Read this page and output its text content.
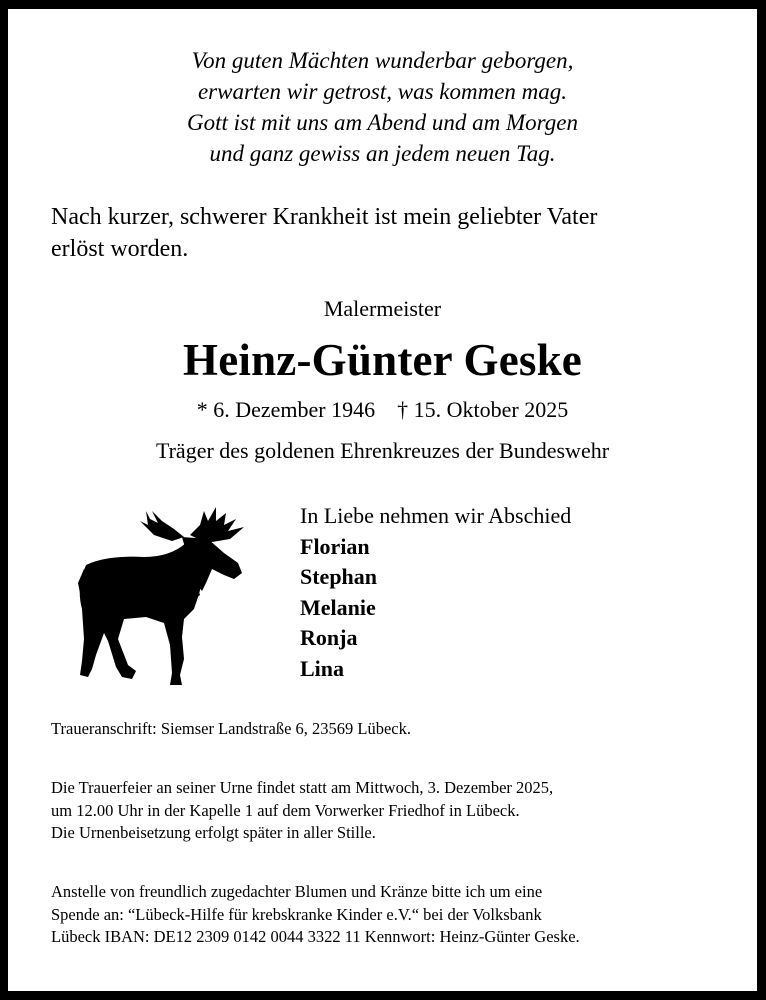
Von guten Mächten wunderbar geborgen,
erwarten wir getrost, was kommen mag.
Gott ist mit uns am Abend und am Morgen
und ganz gewiss an jedem neuen Tag.
Nach kurzer, schwerer Krankheit ist mein geliebter Vater
erlöst worden.
Malermeister
Heinz-Günter Geske
* 6. Dezember 1946    † 15. Oktober 2025
Träger des goldenen Ehrenkreuzes der Bundeswehr
In Liebe nehmen wir Abschied
Florian
Stephan
Melanie
Ronja
Lina
Traueranschrift: Siemser Landstraße 6, 23569 Lübeck.
Die Trauerfeier an seiner Urne findet statt am Mittwoch, 3. Dezember 2025,
um 12.00 Uhr in der Kapelle 1 auf dem Vorwerker Friedhof in Lübeck.
Die Urnenbeisetzung erfolgt später in aller Stille.
Anstelle von freundlich zugedachter Blumen und Kränze bitte ich um eine
Spende an: “Lübeck-Hilfe für krebskranke Kinder e.V.“ bei der Volksbank
Lübeck IBAN: DE12 2309 0142 0044 3322 11 Kennwort: Heinz-Günter Geske.
